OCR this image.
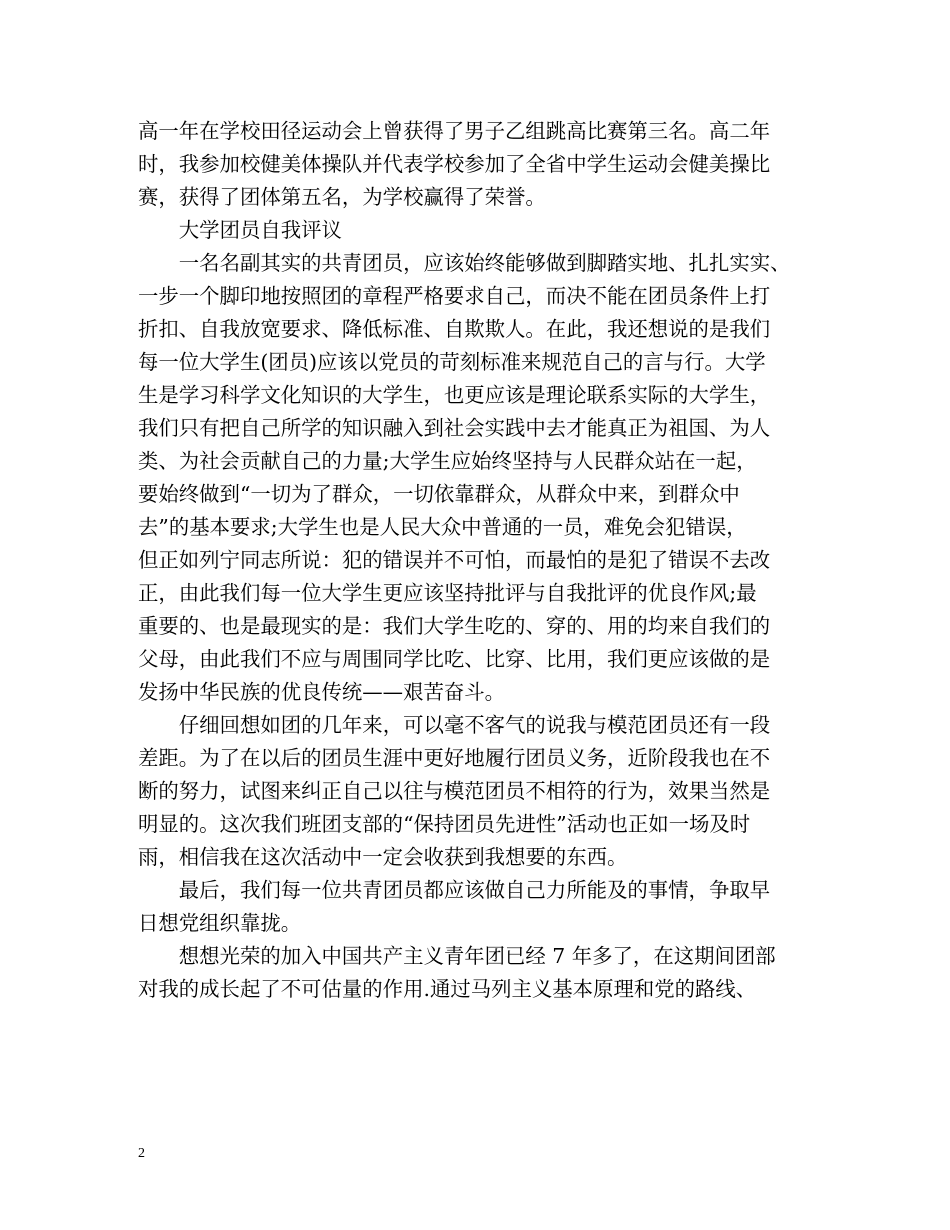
高一年在学校田径运动会上曾获得了男子乙组跳高比赛第三名。高二年
时，我参加校健美体操队并代表学校参加了全省中学生运动会健美操比
赛，获得了团体第五名，为学校赢得了荣誉。

大学团员自我评议

一名名副其实的共青团员，应该始终能够做到脚踏实地、扎扎实实、
一步一个脚印地按照团的章程严格要求自己，而决不能在团员条件上打
折扣、自我放宽要求、降低标准、自欺欺人。在此，我还想说的是我们
每一位大学生(团员)应该以党员的苛刻标准来规范自己的言与行。大学
生是学习科学文化知识的大学生，也更应该是理论联系实际的大学生，
我们只有把自己所学的知识融入到社会实践中去才能真正为祖国、为人
类、为社会贡献自己的力量;大学生应始终坚持与人民群众站在一起，
要始终做到“一切为了群众，一切依靠群众，从群众中来，到群众中
去”的基本要求;大学生也是人民大众中普通的一员，难免会犯错误，
但正如列宁同志所说：犯的错误并不可怕，而最怕的是犯了错误不去改
正，由此我们每一位大学生更应该坚持批评与自我批评的优良作风;最
重要的、也是最现实的是：我们大学生吃的、穿的、用的均来自我们的
父母，由此我们不应与周围同学比吃、比穿、比用，我们更应该做的是
发扬中华民族的优良传统——艰苦奋斗。

仔细回想如团的几年来，可以毫不客气的说我与模范团员还有一段
差距。为了在以后的团员生涯中更好地履行团员义务，近阶段我也在不
断的努力，试图来纠正自己以往与模范团员不相符的行为，效果当然是
明显的。这次我们班团支部的“保持团员先进性”活动也正如一场及时
雨，相信我在这次活动中一定会收获到我想要的东西。

最后，我们每一位共青团员都应该做自己力所能及的事情，争取早
日想党组织靠拢。

想想光荣的加入中国共产主义青年团已经 7 年多了，在这期间团部
对我的成长起了不可估量的作用.通过马列主义基本原理和党的路线、

2
